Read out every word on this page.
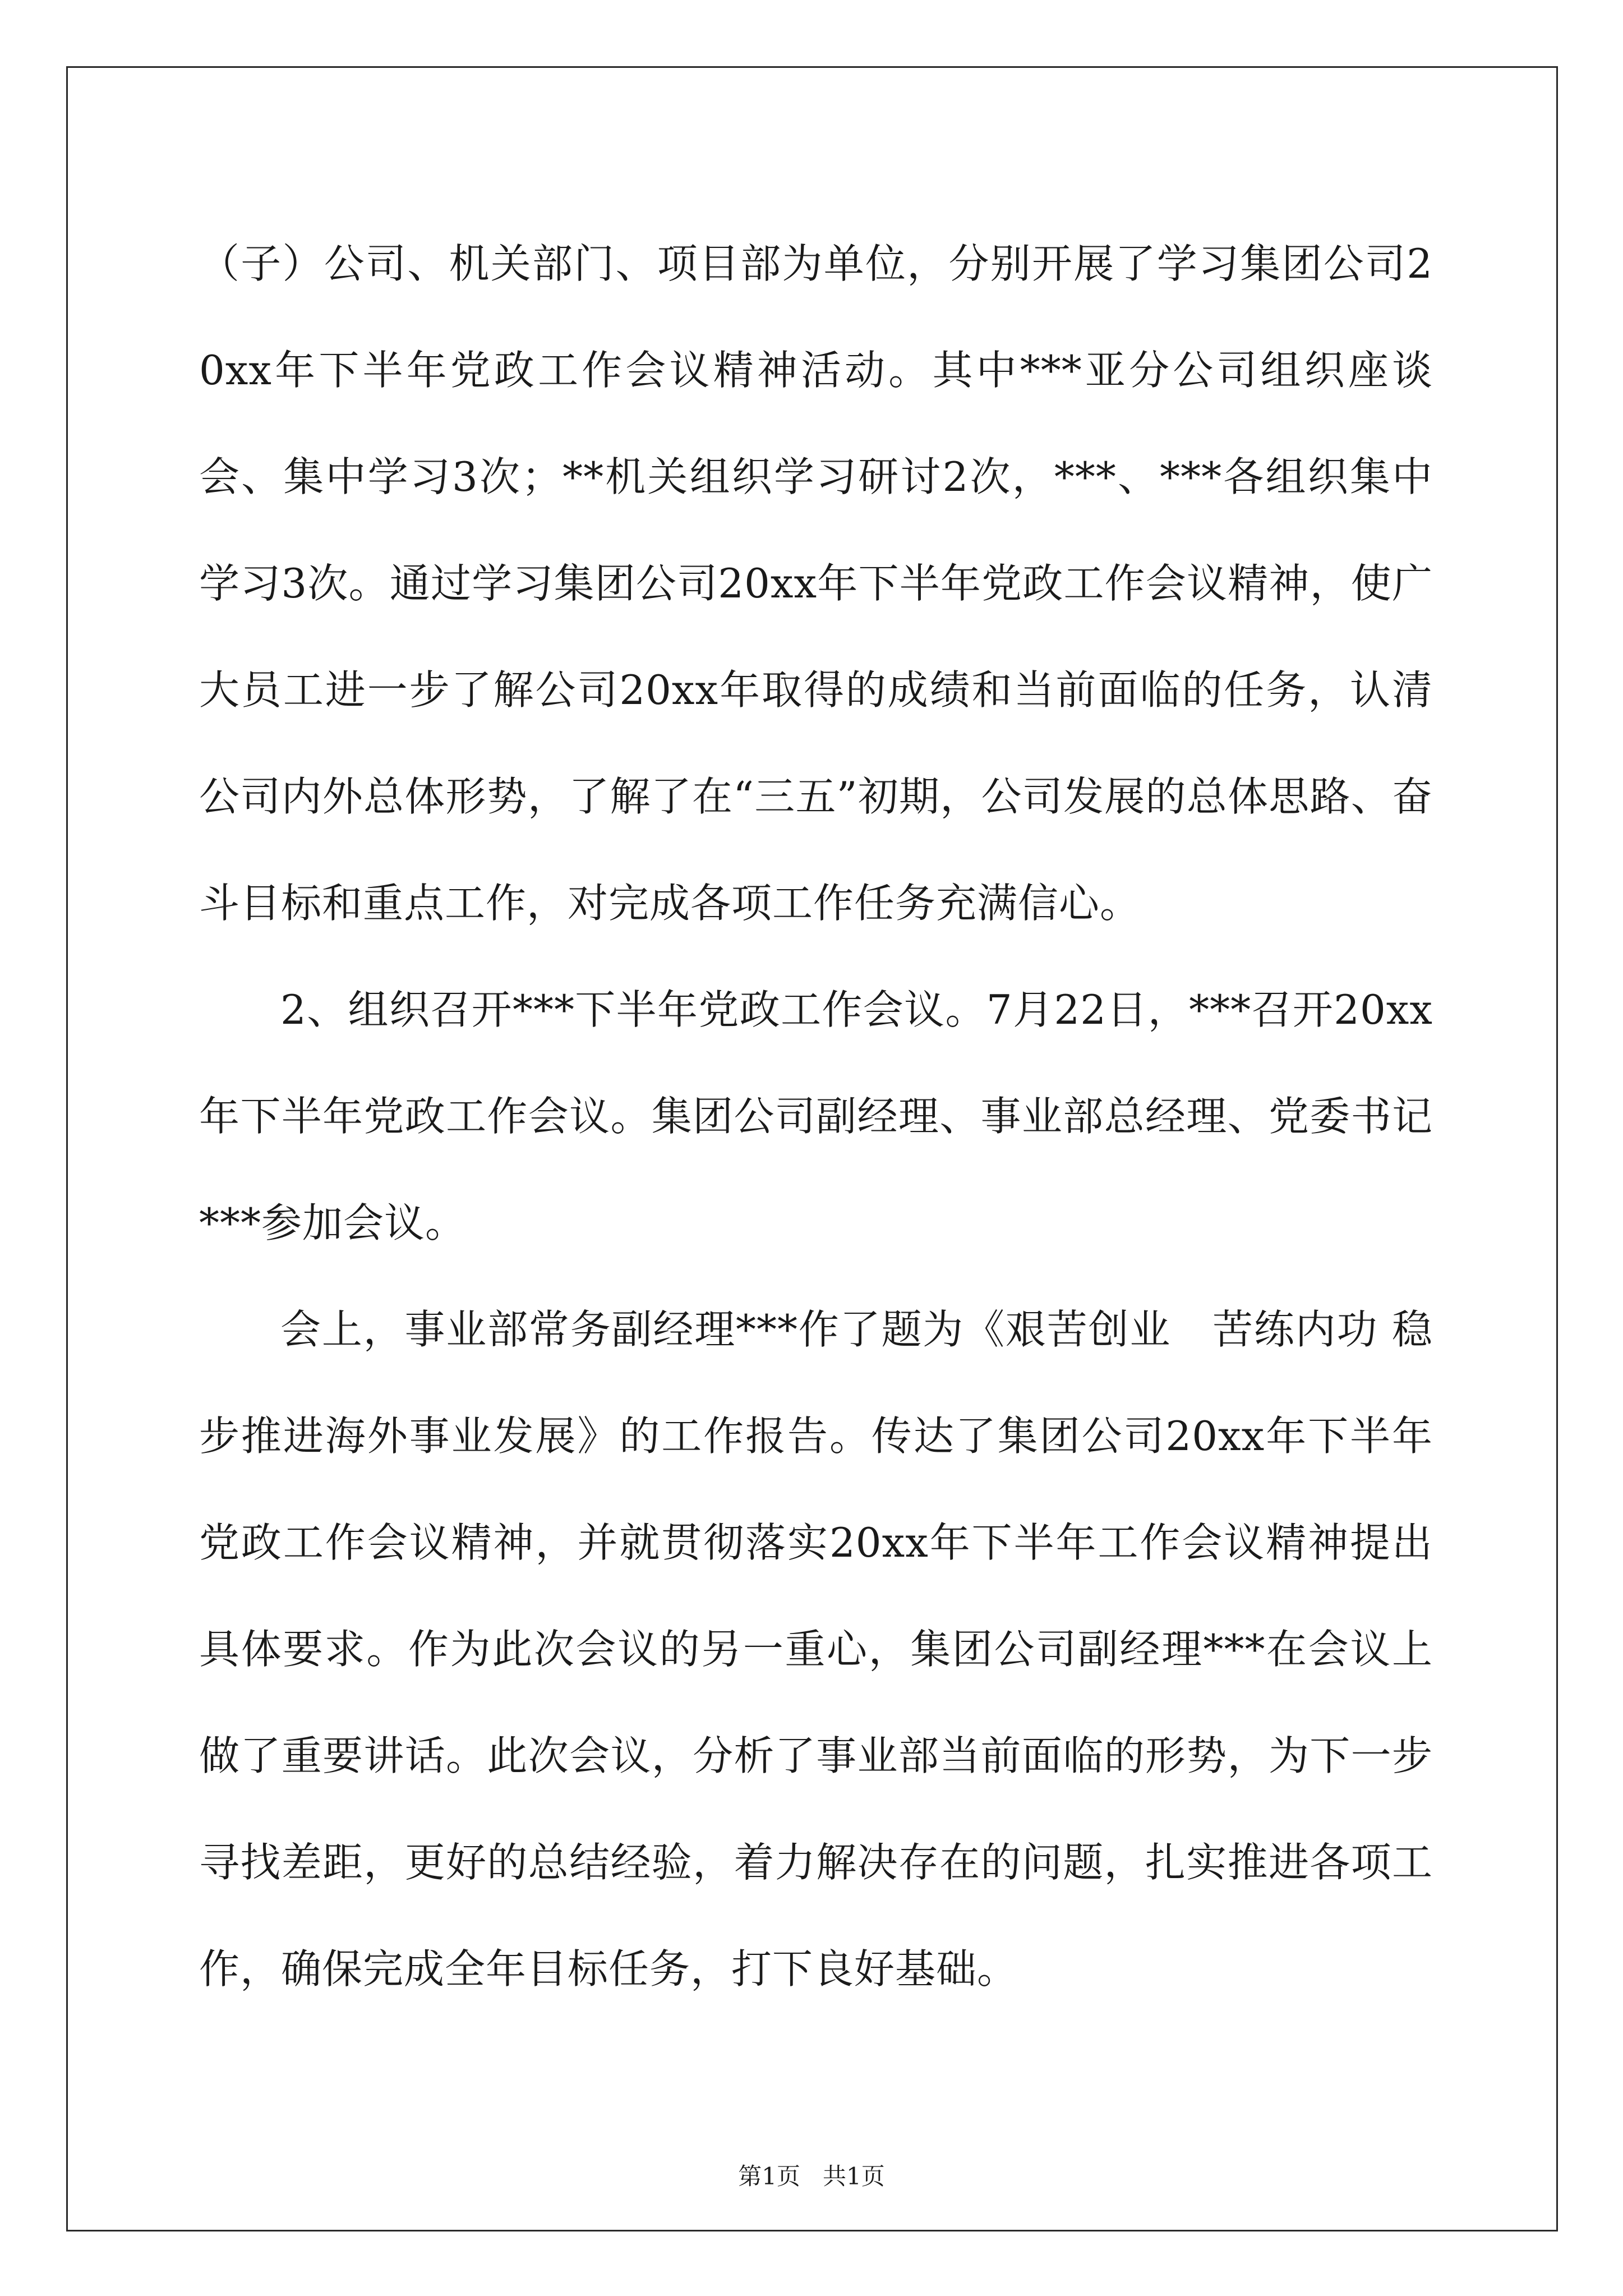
（子）公司、机关部门、项目部为单位，分别开展了学习集团公司20xx年下半年党政工作会议精神活动。其中***亚分公司组织座谈会、集中学习3次；**机关组织学习研讨2次，***、***各组织集中学习3次。通过学习集团公司20xx年下半年党政工作会议精神，使广大员工进一步了解公司20xx年取得的成绩和当前面临的任务，认清公司内外总体形势，了解了在“三五”初期，公司发展的总体思路、奋斗目标和重点工作，对完成各项工作任务充满信心。

2、组织召开***下半年党政工作会议。7月22日，***召开20xx年下半年党政工作会议。集团公司副经理、事业部总经理、党委书记***参加会议。

会上，事业部常务副经理***作了题为《艰苦创业　苦练内功 稳步推进海外事业发展》的工作报告。传达了集团公司20xx年下半年党政工作会议精神，并就贯彻落实20xx年下半年工作会议精神提出具体要求。作为此次会议的另一重心，集团公司副经理***在会议上做了重要讲话。此次会议，分析了事业部当前面临的形势，为下一步寻找差距，更好的总结经验，着力解决存在的问题，扎实推进各项工作，确保完成全年目标任务，打下良好基础。

第1页 共1页
